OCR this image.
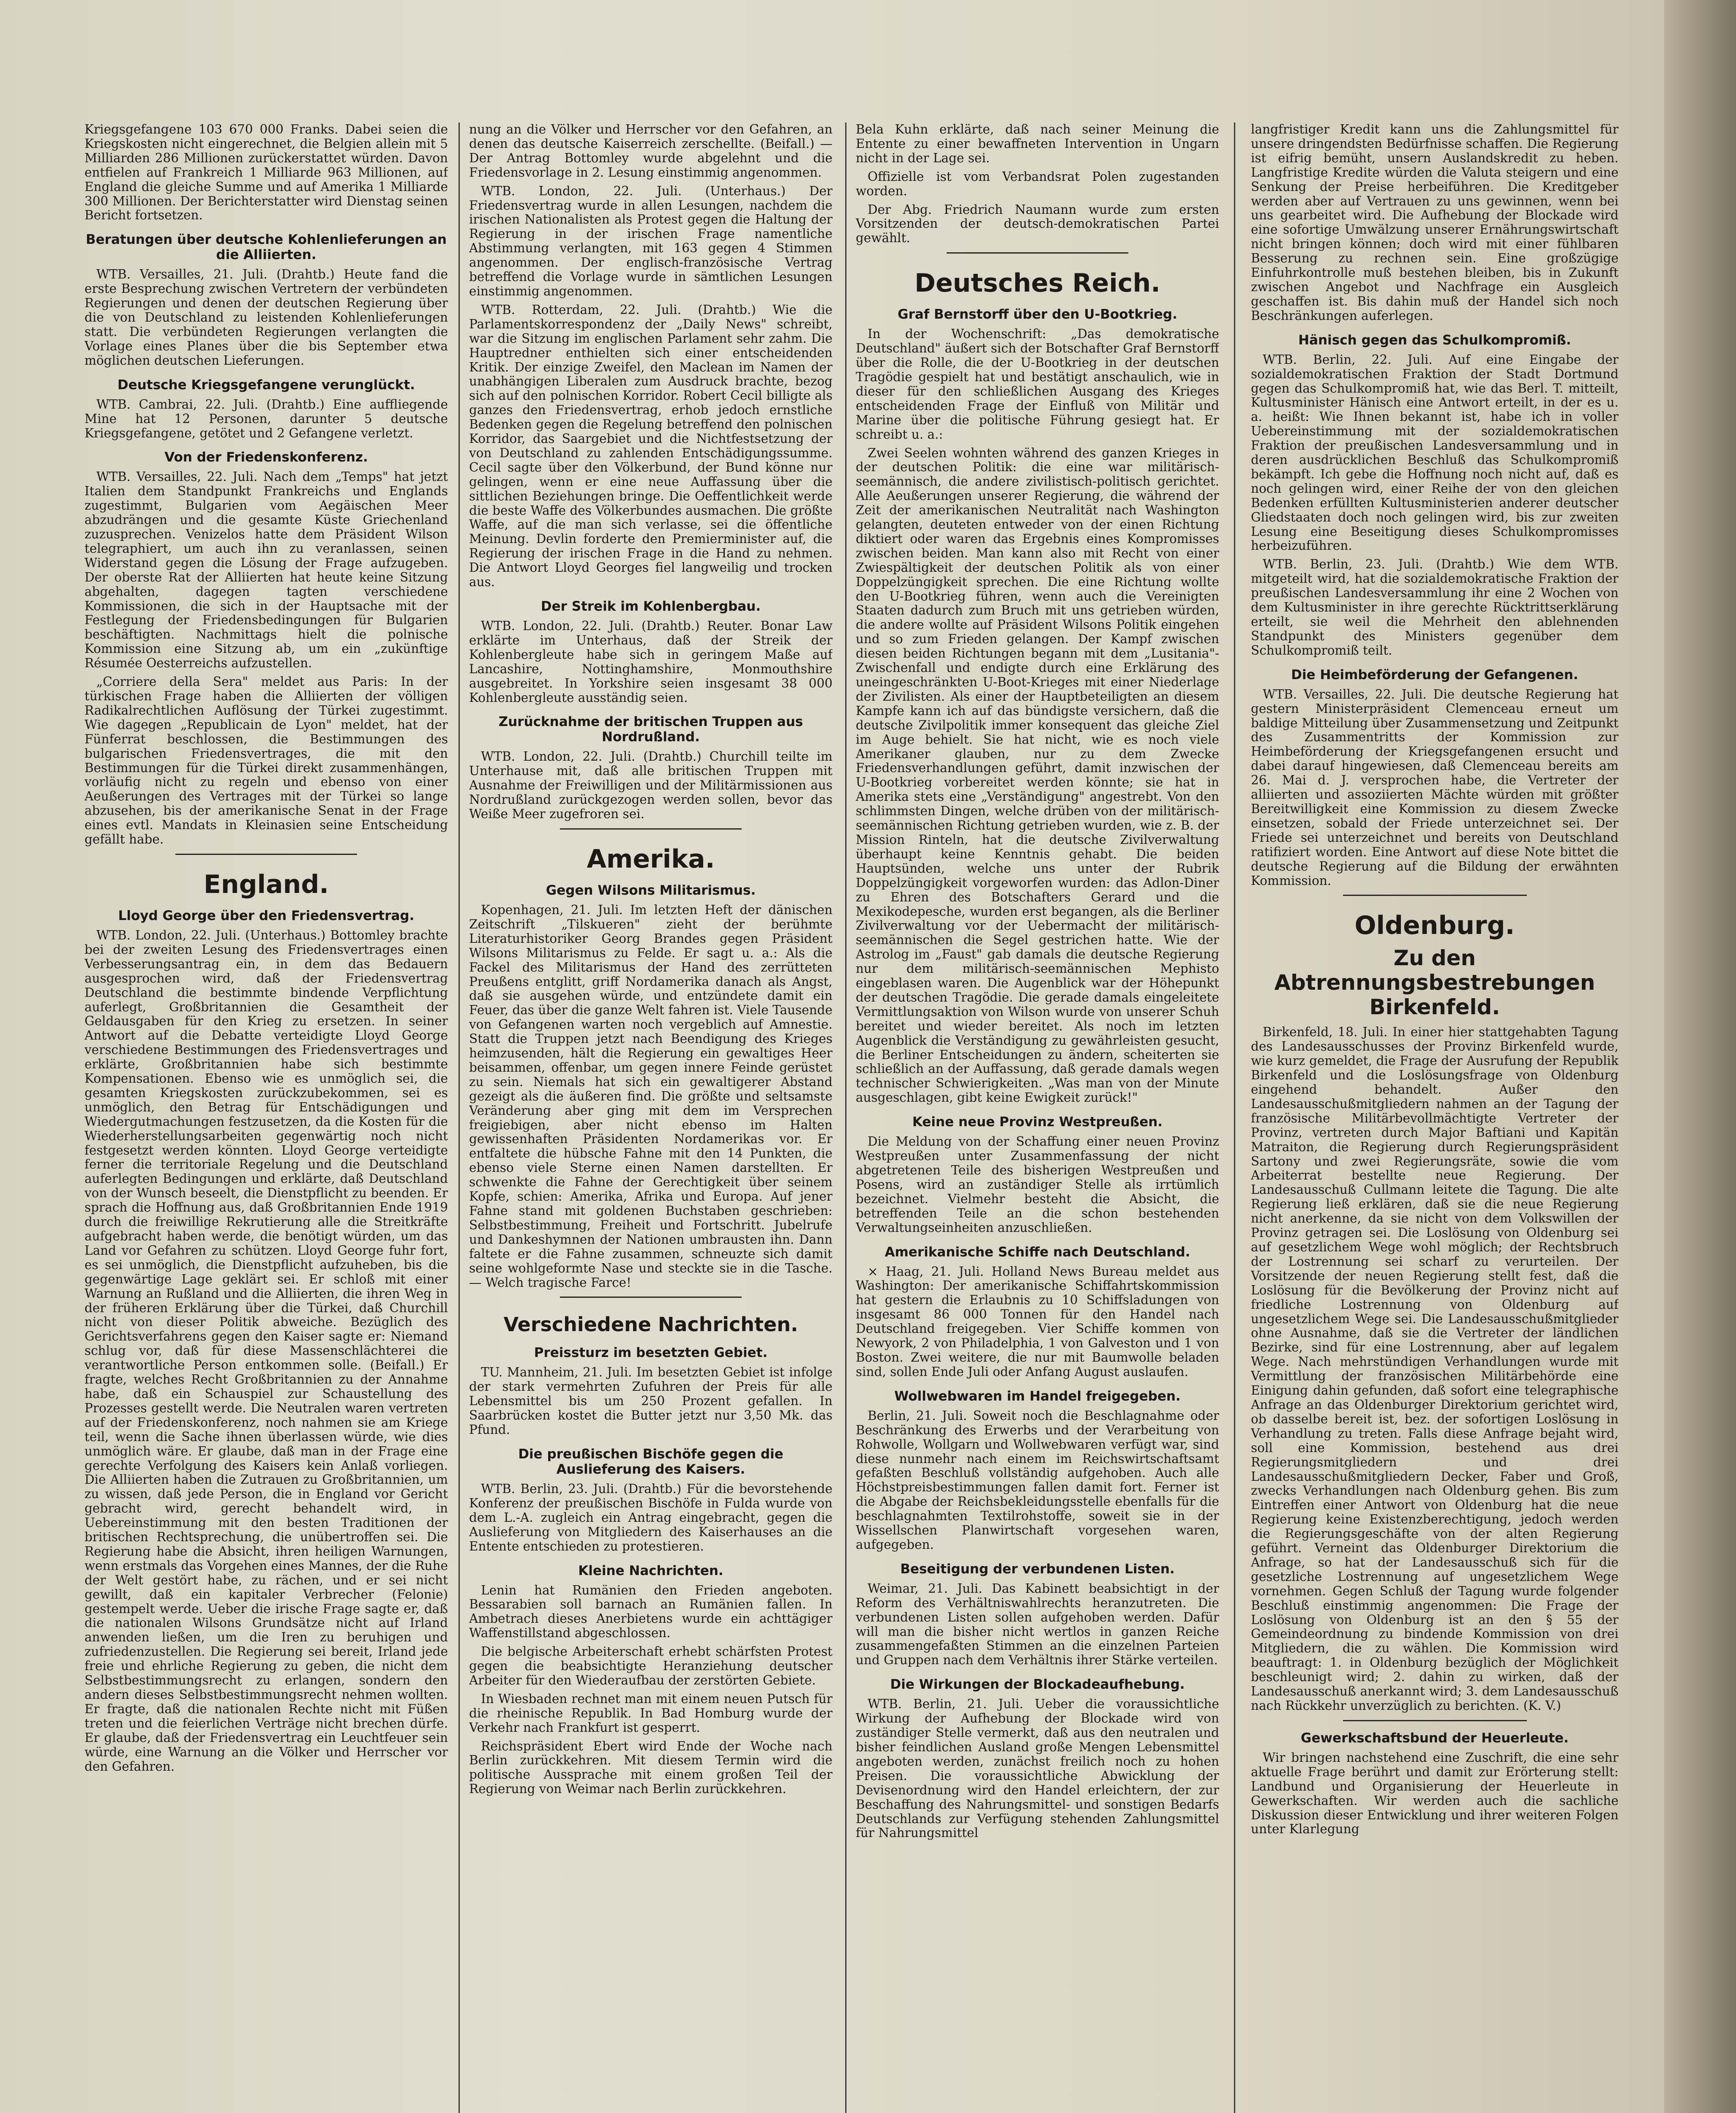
Kriegsgefangene 103 670 000 Franks. Dabei seien die Kriegskosten nicht eingerechnet, die Belgien allein mit 5 Milliarden 286 Millionen zurückerstattet würden. Davon entfielen auf Frankreich 1 Milliarde 963 Millionen, auf England die gleiche Summe und auf Amerika 1 Milliarde 300 Millionen. Der Berichterstatter wird Dienstag seinen Bericht fortsetzen.

Beratungen über deutsche Kohlenlieferungen an die Alliierten.

WTB. Versailles, 21. Juli. (Drahtb.) Heute fand die erste Besprechung zwischen Vertretern der verbündeten Regierungen und denen der deutschen Regierung über die von Deutschland zu leistenden Kohlenlieferungen statt. Die verbündeten Regierungen verlangten die Vorlage eines Planes über die bis September etwa möglichen deutschen Lieferungen.

Deutsche Kriegsgefangene verunglückt.

WTB. Cambrai, 22. Juli. (Drahtb.) Eine auffliegende Mine hat 12 Personen, darunter 5 deutsche Kriegsgefangene, getötet und 2 Gefangene verletzt.

Von der Friedenskonferenz.

WTB. Versailles, 22. Juli. Nach dem „Temps" hat jetzt Italien dem Standpunkt Frankreichs und Englands zugestimmt, Bulgarien vom Aegäischen Meer abzudrängen und die gesamte Küste Griechenland zuzusprechen. Venizelos hatte dem Präsident Wilson telegraphiert, um auch ihn zu veranlassen, seinen Widerstand gegen die Lösung der Frage aufzugeben. Der oberste Rat der Alliierten hat heute keine Sitzung abgehalten, dagegen tagten verschiedene Kommissionen, die sich in der Hauptsache mit der Festlegung der Friedensbedingungen für Bulgarien beschäftigten. Nachmittags hielt die polnische Kommission eine Sitzung ab, um ein „zukünftige Résumée Oesterreichs aufzustellen.

„Corriere della Sera" meldet aus Paris: In der türkischen Frage haben die Alliierten der völligen Radikalrechtlichen Auflösung der Türkei zugestimmt. Wie dagegen „Republicain de Lyon" meldet, hat der Fünferrat beschlossen, die Bestimmungen des bulgarischen Friedensvertrages, die mit den Bestimmungen für die Türkei direkt zusammenhängen, vorläufig nicht zu regeln und ebenso von einer Aeußerungen des Vertrages mit der Türkei so lange abzusehen, bis der amerikanische Senat in der Frage eines evtl. Mandats in Kleinasien seine Entscheidung gefällt habe.

England.
Lloyd George über den Friedensvertrag.

WTB. London, 22. Juli. (Unterhaus.) Bottomley brachte bei der zweiten Lesung des Friedensvertrages einen Verbesserungsantrag ein, in dem das Bedauern ausgesprochen wird, daß der Friedensvertrag Deutschland die bestimmte bindende Verpflichtung auferlegt, Großbritannien die Gesamtheit der Geldausgaben für den Krieg zu ersetzen. In seiner Antwort auf die Debatte verteidigte Lloyd George verschiedene Bestimmungen des Friedensvertrages und erklärte, Großbritannien habe sich bestimmte Kompensationen. Ebenso wie es unmöglich sei, die gesamten Kriegskosten zurückzubekommen, sei es unmöglich, den Betrag für Entschädigungen und Wiedergutmachungen festzusetzen, da die Kosten für die Wiederherstellungsarbeiten gegenwärtig noch nicht festgesetzt werden könnten. Lloyd George verteidigte ferner die territoriale Regelung und die Deutschland auferlegten Bedingungen und erklärte, daß Deutschland von der Wunsch beseelt, die Dienstpflicht zu beenden. Er sprach die Hoffnung aus, daß Großbritannien Ende 1919 durch die freiwillige Rekrutierung alle die Streitkräfte aufgebracht haben werde, die benötigt würden, um das Land vor Gefahren zu schützen. Lloyd George fuhr fort, es sei unmöglich, die Dienstpflicht aufzuheben, bis die gegenwärtige Lage geklärt sei. Er schloß mit einer Warnung an Rußland und die Alliierten, die ihren Weg in der früheren Erklärung über die Türkei, daß Churchill nicht von dieser Politik abweiche. Bezüglich des Gerichtsverfahrens gegen den Kaiser sagte er: Niemand schlug vor, daß für diese Massenschlächterei die verantwortliche Person entkommen solle. (Beifall.) Er fragte, welches Recht Großbritannien zu der Annahme habe, daß ein Schauspiel zur Schaustellung des Prozesses gestellt werde. Die Neutralen waren vertreten auf der Friedenskonferenz, noch nahmen sie am Kriege teil, wenn die Sache ihnen überlassen würde, wie dies unmöglich wäre. Er glaube, daß man in der Frage eine gerechte Verfolgung des Kaisers kein Anlaß vorliegen. Die Alliierten haben die Zutrauen zu Großbritannien, um zu wissen, daß jede Person, die in England vor Gericht gebracht wird, gerecht behandelt wird, in Uebereinstimmung mit den besten Traditionen der britischen Rechtsprechung, die unübertroffen sei. Die Regierung habe die Absicht, ihren heiligen Warnungen, wenn erstmals das Vorgehen eines Mannes, der die Ruhe der Welt gestört habe, zu rächen, und er sei nicht gewillt, daß ein kapitaler Verbrecher (Felonie) gestempelt werde. Ueber die irische Frage sagte er, daß die nationalen Wilsons Grundsätze nicht auf Irland anwenden ließen, um die Iren zu beruhigen und zufriedenzustellen. Die Regierung sei bereit, Irland jede freie und ehrliche Regierung zu geben, die nicht dem Selbstbestimmungsrecht zu erlangen, sondern den andern dieses Selbstbestimmungsrecht nehmen wollten. Er fragte, daß die nationalen Rechte nicht mit Füßen treten und die feierlichen Verträge nicht brechen dürfe. Er glaube, daß der Friedensvertrag ein Leuchtfeuer sein würde, eine Warnung an die Völker und Herrscher vor den Gefahren.

nung an die Völker und Herrscher vor den Gefahren, an denen das deutsche Kaiserreich zerschellte. (Beifall.) — Der Antrag Bottomley wurde abgelehnt und die Friedensvorlage in 2. Lesung einstimmig angenommen.

WTB. London, 22. Juli. (Unterhaus.) Der Friedensvertrag wurde in allen Lesungen, nachdem die irischen Nationalisten als Protest gegen die Haltung der Regierung in der irischen Frage namentliche Abstimmung verlangten, mit 163 gegen 4 Stimmen angenommen. Der englisch-französische Vertrag betreffend die Vorlage wurde in sämtlichen Lesungen einstimmig angenommen.

WTB. Rotterdam, 22. Juli. (Drahtb.) Wie die Parlamentskorrespondenz der „Daily News" schreibt, war die Sitzung im englischen Parlament sehr zahm. Die Hauptredner enthielten sich einer entscheidenden Kritik. Der einzige Zweifel, den Maclean im Namen der unabhängigen Liberalen zum Ausdruck brachte, bezog sich auf den polnischen Korridor. Robert Cecil billigte als ganzes den Friedensvertrag, erhob jedoch ernstliche Bedenken gegen die Regelung betreffend den polnischen Korridor, das Saargebiet und die Nichtfestsetzung der von Deutschland zu zahlenden Entschädigungssumme. Cecil sagte über den Völkerbund, der Bund könne nur gelingen, wenn er eine neue Auffassung über die sittlichen Beziehungen bringe. Die Oeffentlichkeit werde die beste Waffe des Völkerbundes ausmachen. Die größte Waffe, auf die man sich verlasse, sei die öffentliche Meinung. Devlin forderte den Premierminister auf, die Regierung der irischen Frage in die Hand zu nehmen. Die Antwort Lloyd Georges fiel langweilig und trocken aus.

Der Streik im Kohlenbergbau.

WTB. London, 22. Juli. (Drahtb.) Reuter. Bonar Law erklärte im Unterhaus, daß der Streik der Kohlenbergleute habe sich in geringem Maße auf Lancashire, Nottinghamshire, Monmouthshire ausgebreitet. In Yorkshire seien insgesamt 38 000 Kohlenbergleute ausständig seien.

Zurücknahme der britischen Truppen aus Nordrußland.

WTB. London, 22. Juli. (Drahtb.) Churchill teilte im Unterhause mit, daß alle britischen Truppen mit Ausnahme der Freiwilligen und der Militärmissionen aus Nordrußland zurückgezogen werden sollen, bevor das Weiße Meer zugefroren sei.

Amerika.
Gegen Wilsons Militarismus.

Kopenhagen, 21. Juli. Im letzten Heft der dänischen Zeitschrift „Tilskueren" zieht der berühmte Literaturhistoriker Georg Brandes gegen Präsident Wilsons Militarismus zu Felde. Er sagt u. a.: Als die Fackel des Militarismus der Hand des zerrütteten Preußens entglitt, griff Nordamerika danach als Angst, daß sie ausgehen würde, und entzündete damit ein Feuer, das über die ganze Welt fahren ist. Viele Tausende von Gefangenen warten noch vergeblich auf Amnestie. Statt die Truppen jetzt nach Beendigung des Krieges heimzusenden, hält die Regierung ein gewaltiges Heer beisammen, offenbar, um gegen innere Feinde gerüstet zu sein. Niemals hat sich ein gewaltigerer Abstand gezeigt als die äußeren find. Die größte und seltsamste Veränderung aber ging mit dem im Versprechen freigiebigen, aber nicht ebenso im Halten gewissenhaften Präsidenten Nordamerikas vor. Er entfaltete die hübsche Fahne mit den 14 Punkten, die ebenso viele Sterne einen Namen darstellten. Er schwenkte die Fahne der Gerechtigkeit über seinem Kopfe, schien: Amerika, Afrika und Europa. Auf jener Fahne stand mit goldenen Buchstaben geschrieben: Selbstbestimmung, Freiheit und Fortschritt. Jubelrufe und Dankeshymnen der Nationen umbrausten ihn. Dann faltete er die Fahne zusammen, schneuzte sich damit seine wohlgeformte Nase und steckte sie in die Tasche. — Welch tragische Farce!

Verschiedene Nachrichten.
Preissturz im besetzten Gebiet.

TU. Mannheim, 21. Juli. Im besetzten Gebiet ist infolge der stark vermehrten Zufuhren der Preis für alle Lebensmittel bis um 250 Prozent gefallen. In Saarbrücken kostet die Butter jetzt nur 3,50 Mk. das Pfund.

Die preußischen Bischöfe gegen die Auslieferung des Kaisers.

WTB. Berlin, 23. Juli. (Drahtb.) Für die bevorstehende Konferenz der preußischen Bischöfe in Fulda wurde von dem L.-A. zugleich ein Antrag eingebracht, gegen die Auslieferung von Mitgliedern des Kaiserhauses an die Entente entschieden zu protestieren.

Kleine Nachrichten.

Lenin hat Rumänien den Frieden angeboten. Bessarabien soll barnach an Rumänien fallen. In Ambetrach dieses Anerbietens wurde ein achttägiger Waffenstillstand abgeschlossen.

Die belgische Arbeiterschaft erhebt schärfsten Protest gegen die beabsichtigte Heranziehung deutscher Arbeiter für den Wiederaufbau der zerstörten Gebiete.

In Wiesbaden rechnet man mit einem neuen Putsch für die rheinische Republik. In Bad Homburg wurde der Verkehr nach Frankfurt ist gesperrt.

Reichspräsident Ebert wird Ende der Woche nach Berlin zurückkehren. Mit diesem Termin wird die politische Aussprache mit einem großen Teil der Regierung von Weimar nach Berlin zurückkehren.

Bela Kuhn erklärte, daß nach seiner Meinung die Entente zu einer bewaffneten Intervention in Ungarn nicht in der Lage sei.

Offizielle ist vom Verbandsrat Polen zugestanden worden.

Der Abg. Friedrich Naumann wurde zum ersten Vorsitzenden der deutsch-demokratischen Partei gewählt.

Deutsches Reich.
Graf Bernstorff über den U-Bootkrieg.

In der Wochenschrift: „Das demokratische Deutschland" äußert sich der Botschafter Graf Bernstorff über die Rolle, die der U-Bootkrieg in der deutschen Tragödie gespielt hat und bestätigt anschaulich, wie in dieser für den schließlichen Ausgang des Krieges entscheidenden Frage der Einfluß von Militär und Marine über die politische Führung gesiegt hat. Er schreibt u. a.:

Zwei Seelen wohnten während des ganzen Krieges in der deutschen Politik: die eine war militärisch-seemännisch, die andere zivilistisch-politisch gerichtet. Alle Aeußerungen unserer Regierung, die während der Zeit der amerikanischen Neutralität nach Washington gelangten, deuteten entweder von der einen Richtung diktiert oder waren das Ergebnis eines Kompromisses zwischen beiden. Man kann also mit Recht von einer Zwiespältigkeit der deutschen Politik als von einer Doppelzüngigkeit sprechen. Die eine Richtung wollte den U-Bootkrieg führen, wenn auch die Vereinigten Staaten dadurch zum Bruch mit uns getrieben würden, die andere wollte auf Präsident Wilsons Politik eingehen und so zum Frieden gelangen. Der Kampf zwischen diesen beiden Richtungen begann mit dem „Lusitania"-Zwischenfall und endigte durch eine Erklärung des uneingeschränkten U-Boot-Krieges mit einer Niederlage der Zivilisten. Als einer der Hauptbeteiligten an diesem Kampfe kann ich auf das bündigste versichern, daß die deutsche Zivilpolitik immer konsequent das gleiche Ziel im Auge behielt. Sie hat nicht, wie es noch viele Amerikaner glauben, nur zu dem Zwecke Friedensverhandlungen geführt, damit inzwischen der U-Bootkrieg vorbereitet werden könnte; sie hat in Amerika stets eine „Verständigung" angestrebt. Von den schlimmsten Dingen, welche drüben von der militärisch-seemännischen Richtung getrieben wurden, wie z. B. der Mission Rinteln, hat die deutsche Zivilverwaltung überhaupt keine Kenntnis gehabt. Die beiden Hauptsünden, welche uns unter der Rubrik Doppelzüngigkeit vorgeworfen wurden: das Adlon-Diner zu Ehren des Botschafters Gerard und die Mexikodepesche, wurden erst begangen, als die Berliner Zivilverwaltung vor der Uebermacht der militärisch-seemännischen die Segel gestrichen hatte. Wie der Astrolog im „Faust" gab damals die deutsche Regierung nur dem militärisch-seemännischen Mephisto eingeblasen waren. Die Augenblick war der Höhepunkt der deutschen Tragödie. Die gerade damals eingeleitete Vermittlungsaktion von Wilson wurde von unserer Schuh bereitet und wieder bereitet. Als noch im letzten Augenblick die Verständigung zu gewährleisten gesucht, die Berliner Entscheidungen zu ändern, scheiterten sie schließlich an der Auffassung, daß gerade damals wegen technischer Schwierigkeiten. „Was man von der Minute ausgeschlagen, gibt keine Ewigkeit zurück!"

Keine neue Provinz Westpreußen.

Die Meldung von der Schaffung einer neuen Provinz Westpreußen unter Zusammenfassung der nicht abgetretenen Teile des bisherigen Westpreußen und Posens, wird an zuständiger Stelle als irrtümlich bezeichnet. Vielmehr besteht die Absicht, die betreffenden Teile an die schon bestehenden Verwaltungseinheiten anzuschließen.

Amerikanische Schiffe nach Deutschland.

× Haag, 21. Juli. Holland News Bureau meldet aus Washington: Der amerikanische Schiffahrtskommission hat gestern die Erlaubnis zu 10 Schiffsladungen von insgesamt 86 000 Tonnen für den Handel nach Deutschland freigegeben. Vier Schiffe kommen von Newyork, 2 von Philadelphia, 1 von Galveston und 1 von Boston. Zwei weitere, die nur mit Baumwolle beladen sind, sollen Ende Juli oder Anfang August auslaufen.

Wollwebwaren im Handel freigegeben.

Berlin, 21. Juli. Soweit noch die Beschlagnahme oder Beschränkung des Erwerbs und der Verarbeitung von Rohwolle, Wollgarn und Wollwebwaren verfügt war, sind diese nunmehr nach einem im Reichswirtschaftsamt gefaßten Beschluß vollständig aufgehoben. Auch alle Höchstpreisbestimmungen fallen damit fort. Ferner ist die Abgabe der Reichsbekleidungsstelle ebenfalls für die beschlagnahmten Textilrohstoffe, soweit sie in der Wissellschen Planwirtschaft vorgesehen waren, aufgegeben.

Beseitigung der verbundenen Listen.

Weimar, 21. Juli. Das Kabinett beabsichtigt in der Reform des Verhältniswahlrechts heranzutreten. Die verbundenen Listen sollen aufgehoben werden. Dafür will man die bisher nicht wertlos in ganzen Reiche zusammengefaßten Stimmen an die einzelnen Parteien und Gruppen nach dem Verhältnis ihrer Stärke verteilen.

Die Wirkungen der Blockadeaufhebung.

WTB. Berlin, 21. Juli. Ueber die voraussichtliche Wirkung der Aufhebung der Blockade wird von zuständiger Stelle vermerkt, daß aus den neutralen und bisher feindlichen Ausland große Mengen Lebensmittel angeboten werden, zunächst freilich noch zu hohen Preisen. Die voraussichtliche Abwicklung der Devisenordnung wird den Handel erleichtern, der zur Beschaffung des Nahrungsmittel- und sonstigen Bedarfs Deutschlands zur Verfügung stehenden Zahlungsmittel für Nahrungsmittel

langfristiger Kredit kann uns die Zahlungsmittel für unsere dringendsten Bedürfnisse schaffen. Die Regierung ist eifrig bemüht, unsern Auslandskredit zu heben. Langfristige Kredite würden die Valuta steigern und eine Senkung der Preise herbeiführen. Die Kreditgeber werden aber auf Vertrauen zu uns gewinnen, wenn bei uns gearbeitet wird. Die Aufhebung der Blockade wird eine sofortige Umwälzung unserer Ernährungswirtschaft nicht bringen können; doch wird mit einer fühlbaren Besserung zu rechnen sein. Eine großzügige Einfuhrkontrolle muß bestehen bleiben, bis in Zukunft zwischen Angebot und Nachfrage ein Ausgleich geschaffen ist. Bis dahin muß der Handel sich noch Beschränkungen auferlegen.

Hänisch gegen das Schulkompromiß.

WTB. Berlin, 22. Juli. Auf eine Eingabe der sozialdemokratischen Fraktion der Stadt Dortmund gegen das Schulkompromiß hat, wie das Berl. T. mitteilt, Kultusminister Hänisch eine Antwort erteilt, in der es u. a. heißt: Wie Ihnen bekannt ist, habe ich in voller Uebereinstimmung mit der sozialdemokratischen Fraktion der preußischen Landesversammlung und in deren ausdrücklichen Beschluß das Schulkompromiß bekämpft. Ich gebe die Hoffnung noch nicht auf, daß es noch gelingen wird, einer Reihe der von den gleichen Bedenken erfüllten Kultusministerien anderer deutscher Gliedstaaten doch noch gelingen wird, bis zur zweiten Lesung eine Beseitigung dieses Schulkompromisses herbeizuführen.

WTB. Berlin, 23. Juli. (Drahtb.) Wie dem WTB. mitgeteilt wird, hat die sozialdemokratische Fraktion der preußischen Landesversammlung ihr eine 2 Wochen von dem Kultusminister in ihre gerechte Rücktrittserklärung erteilt, sie weil die Mehrheit den ablehnenden Standpunkt des Ministers gegenüber dem Schulkompromiß teilt.

Die Heimbeförderung der Gefangenen.

WTB. Versailles, 22. Juli. Die deutsche Regierung hat gestern Ministerpräsident Clemenceau erneut um baldige Mitteilung über Zusammensetzung und Zeitpunkt des Zusammentritts der Kommission zur Heimbeförderung der Kriegsgefangenen ersucht und dabei darauf hingewiesen, daß Clemenceau bereits am 26. Mai d. J. versprochen habe, die Vertreter der alliierten und assoziierten Mächte würden mit größter Bereitwilligkeit eine Kommission zu diesem Zwecke einsetzen, sobald der Friede unterzeichnet sei. Der Friede sei unterzeichnet und bereits von Deutschland ratifiziert worden. Eine Antwort auf diese Note bittet die deutsche Regierung auf die Bildung der erwähnten Kommission.

Oldenburg.
Zu den Abtrennungsbestrebungen Birkenfeld.

Birkenfeld, 18. Juli. In einer hier stattgehabten Tagung des Landesausschusses der Provinz Birkenfeld wurde, wie kurz gemeldet, die Frage der Ausrufung der Republik Birkenfeld und die Loslösungsfrage von Oldenburg eingehend behandelt. Außer den Landesausschußmitgliedern nahmen an der Tagung der französische Militärbevollmächtigte Vertreter der Provinz, vertreten durch Major Baftiani und Kapitän Matraiton, die Regierung durch Regierungspräsident Sartony und zwei Regierungsräte, sowie die vom Arbeiterrat bestellte neue Regierung. Der Landesausschuß Cullmann leitete die Tagung. Die alte Regierung ließ erklären, daß sie die neue Regierung nicht anerkenne, da sie nicht von dem Volkswillen der Provinz getragen sei. Die Loslösung von Oldenburg sei auf gesetzlichem Wege wohl möglich; der Rechtsbruch der Lostrennung sei scharf zu verurteilen. Der Vorsitzende der neuen Regierung stellt fest, daß die Loslösung für die Bevölkerung der Provinz nicht auf friedliche Lostrennung von Oldenburg auf ungesetzlichem Wege sei. Die Landesausschußmitglieder ohne Ausnahme, daß sie die Vertreter der ländlichen Bezirke, sind für eine Lostrennung, aber auf legalem Wege. Nach mehrstündigen Verhandlungen wurde mit Vermittlung der französischen Militärbehörde eine Einigung dahin gefunden, daß sofort eine telegraphische Anfrage an das Oldenburger Direktorium gerichtet wird, ob dasselbe bereit ist, bez. der sofortigen Loslösung in Verhandlung zu treten. Falls diese Anfrage bejaht wird, soll eine Kommission, bestehend aus drei Regierungsmitgliedern und drei Landesausschußmitgliedern Decker, Faber und Groß, zwecks Verhandlungen nach Oldenburg gehen. Bis zum Eintreffen einer Antwort von Oldenburg hat die neue Regierung keine Existenzberechtigung, jedoch werden die Regierungsgeschäfte von der alten Regierung geführt. Verneint das Oldenburger Direktorium die Anfrage, so hat der Landesausschuß sich für die gesetzliche Lostrennung auf ungesetzlichem Wege vornehmen. Gegen Schluß der Tagung wurde folgender Beschluß einstimmig angenommen: Die Frage der Loslösung von Oldenburg ist an den § 55 der Gemeindeordnung zu bindende Kommission von drei Mitgliedern, die zu wählen. Die Kommission wird beauftragt: 1. in Oldenburg bezüglich der Möglichkeit beschleunigt wird; 2. dahin zu wirken, daß der Landesausschuß anerkannt wird; 3. dem Landesausschuß nach Rückkehr unverzüglich zu berichten. (K. V.)

Gewerkschaftsbund der Heuerleute.

Wir bringen nachstehend eine Zuschrift, die eine sehr aktuelle Frage berührt und damit zur Erörterung stellt: Landbund und Organisierung der Heuerleute in Gewerkschaften. Wir werden auch die sachliche Diskussion dieser Entwicklung und ihrer weiteren Folgen unter Klarlegung
